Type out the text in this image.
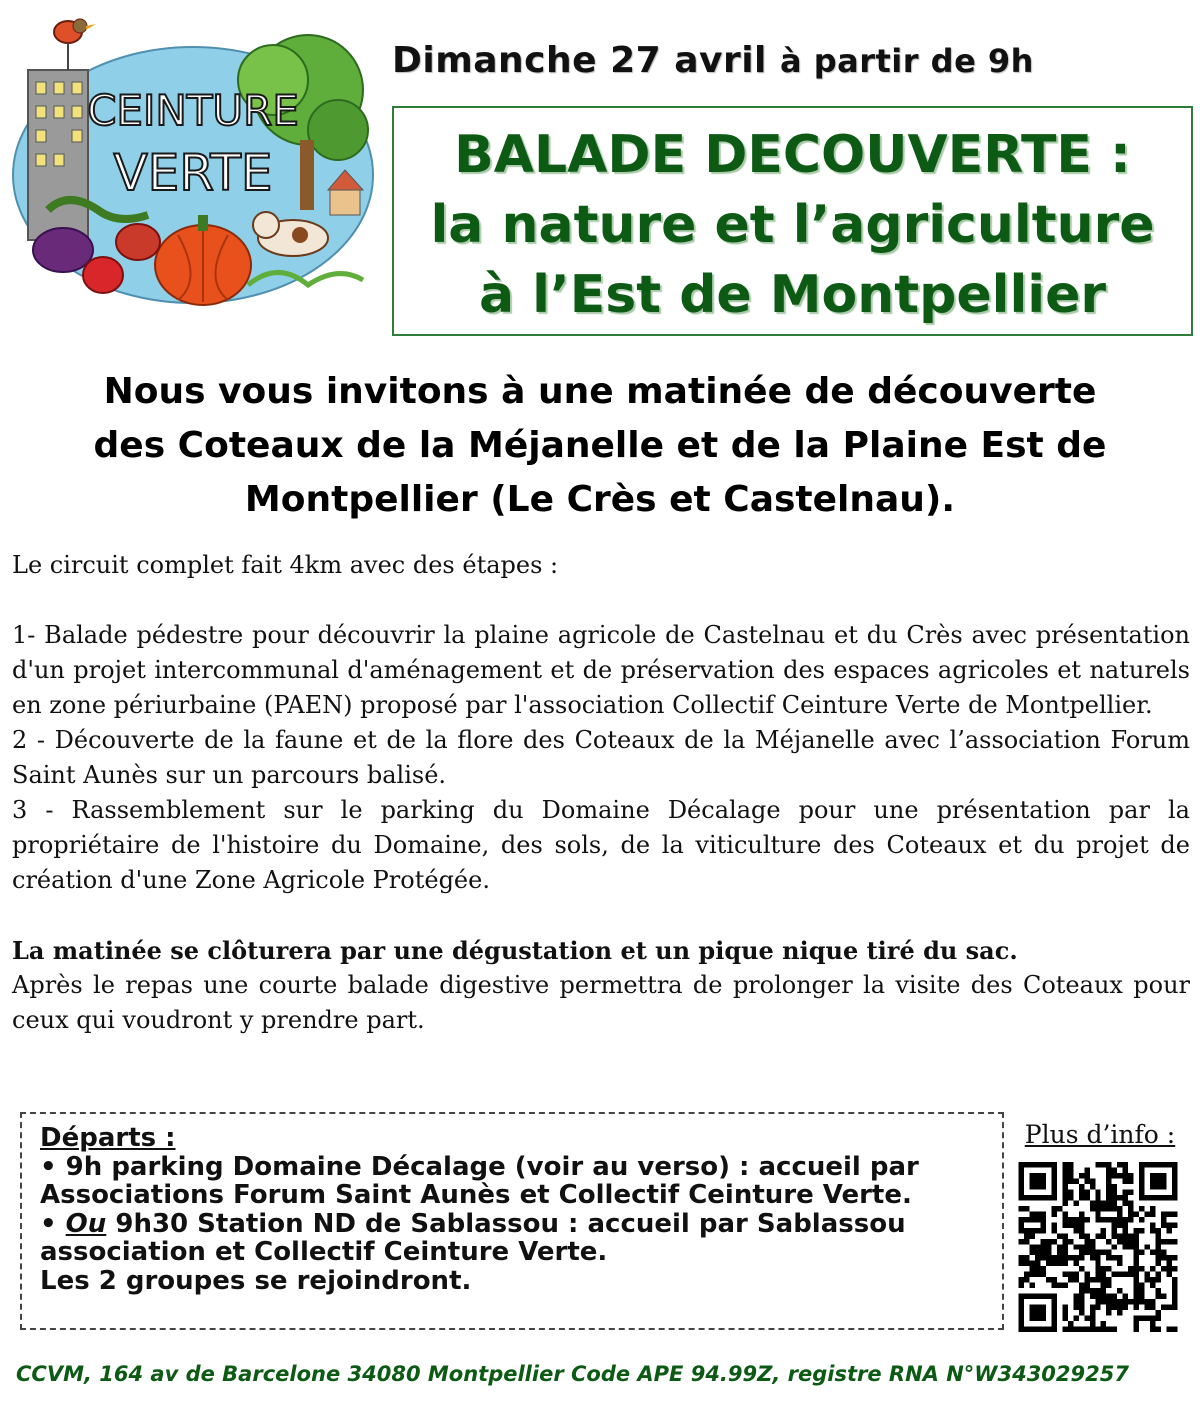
CEINTURE
VERTE
Dimanche 27 avril à partir de 9h
BALADE DECOUVERTE :
la nature et l’agriculture
à l’Est de Montpellier
Nous vous invitons à une matinée de découverte
des Coteaux de la Méjanelle et de la Plaine Est de
Montpellier (Le Crès et Castelnau).

Le circuit complet fait 4km avec des étapes :

1- Balade pédestre pour découvrir la plaine agricole de Castelnau et du Crès avec présentation d'un projet intercommunal d'aménagement et de préservation des espaces agricoles et naturels en zone périurbaine (PAEN) proposé par l'association Collectif Ceinture Verte de Montpellier.

2 - Découverte de la faune et de la flore des Coteaux de la Méjanelle avec l’association Forum Saint Aunès sur un parcours balisé.

3 - Rassemblement sur le parking du Domaine Décalage pour une présentation par la propriétaire de l'histoire du Domaine, des sols, de la viticulture des Coteaux et du projet de création d'une Zone Agricole Protégée.

La matinée se clôturera par une dégustation et un pique nique tiré du sac.

Après le repas une courte balade digestive permettra de prolonger la visite des Coteaux pour ceux qui voudront y prendre part.

Départs :
• 9h parking Domaine Décalage (voir au verso) : accueil par Associations Forum Saint Aunès et Collectif Ceinture Verte.
• Ou 9h30 Station ND de Sablassou : accueil par Sablassou association et Collectif Ceinture Verte.
Les 2 groupes se rejoindront.
Plus d’info :
CCVM, 164 av de Barcelone 34080 Montpellier Code APE 94.99Z, registre RNA N°W343029257
